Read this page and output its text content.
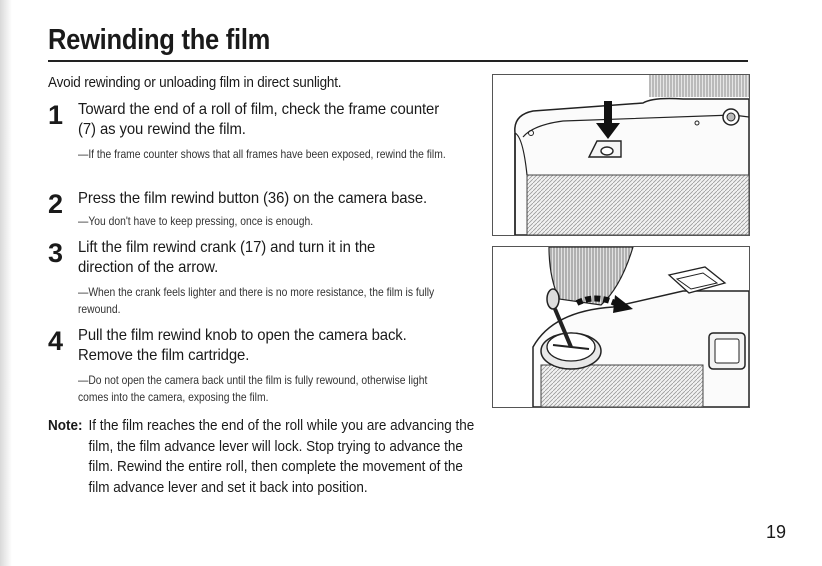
Rewinding the film
Avoid rewinding or unloading film in direct sunlight.
1 Toward the end of a roll of film, check the frame counter (7) as you rewind the film.
—If the frame counter shows that all frames have been exposed, rewind the film.
2 Press the film rewind button (36) on the camera base.
—You don't have to keep pressing, once is enough.
3 Lift the film rewind crank (17) and turn it in the direction of the arrow.
—When the crank feels lighter and there is no more resistance, the film is fully rewound.
4 Pull the film rewind knob to open the camera back. Remove the film cartridge.
—Do not open the camera back until the film is fully rewound, otherwise light comes into the camera, exposing the film.
Note: If the film reaches the end of the roll while you are advancing the film, the film advance lever will lock. Stop trying to advance the film. Rewind the entire roll, then complete the movement of the film advance lever and set it back into position.
19
